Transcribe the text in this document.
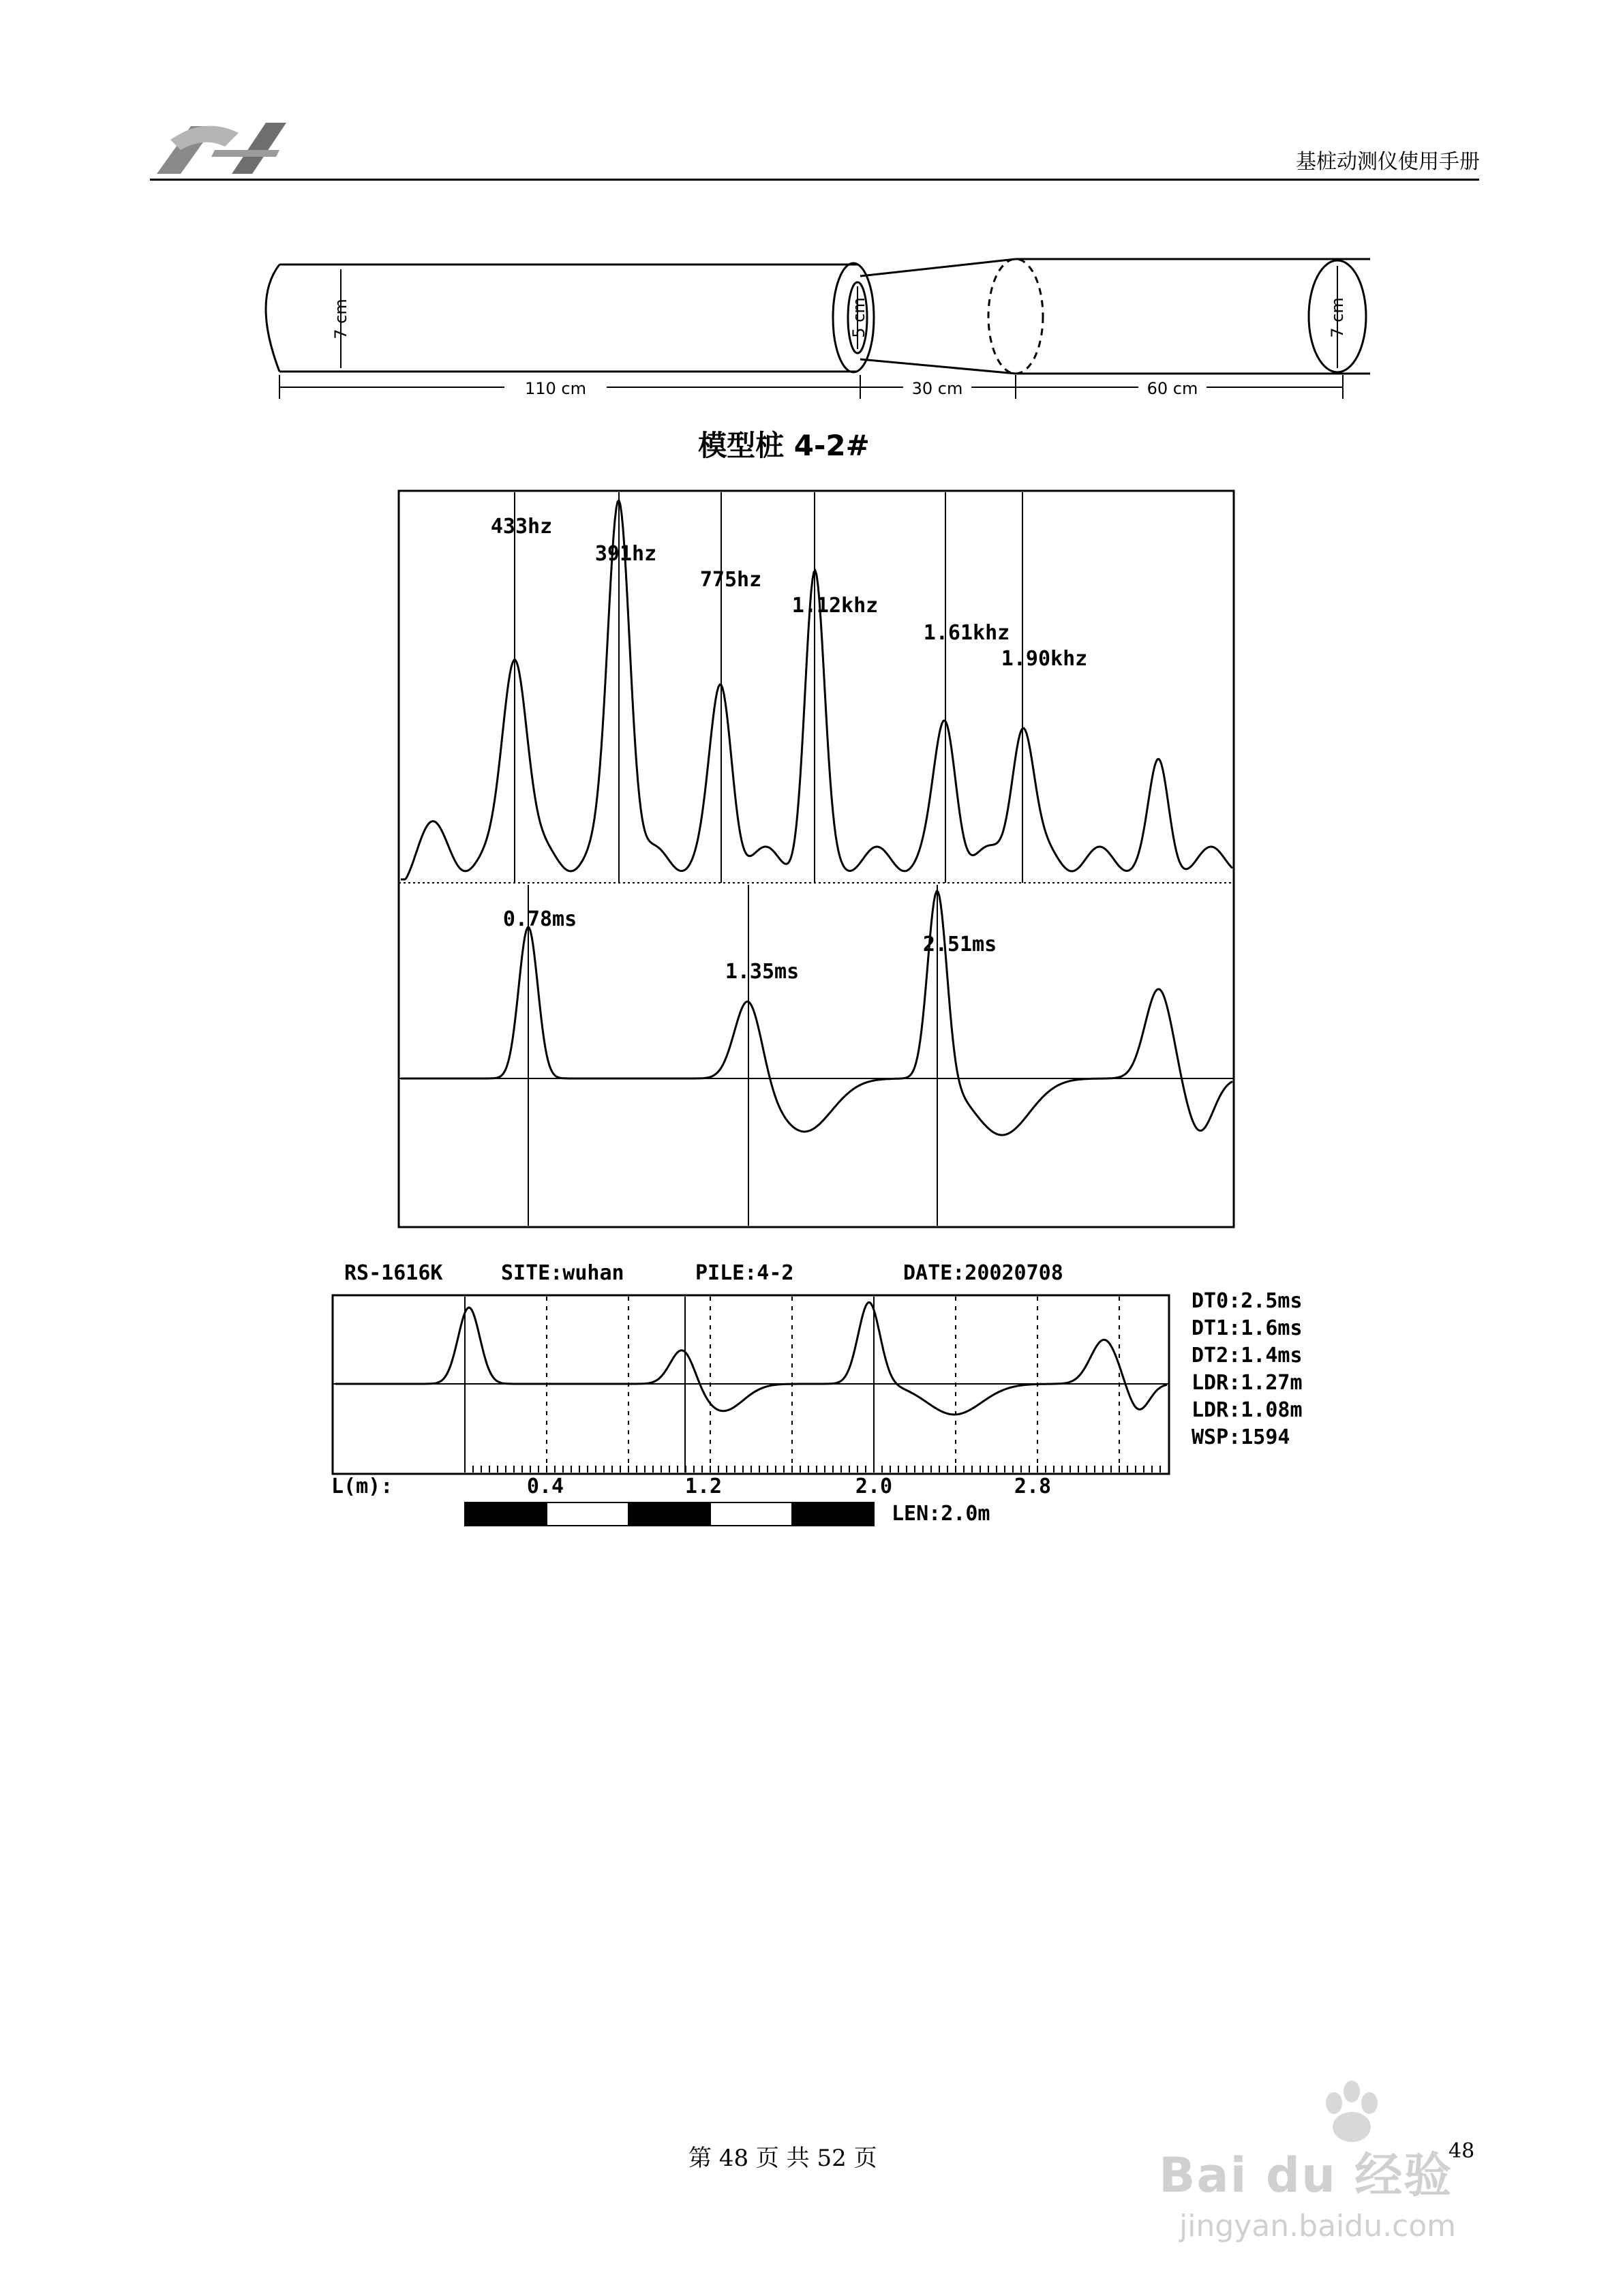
基桩动测仪使用手册
7 cm	5 cm	7 cm
110 cm	30 cm	60 cm
模型桩 4-2#
433hz
391hz
775hz
1.12khz
1.61khz
1.90khz
0.78ms
1.35ms
2.51ms
RS-1616K	SITE:wuhan	PILE:4-2	DATE:20020708
DT0:2.5ms
DT1:1.6ms
DT2:1.4ms
LDR:1.27m
LDR:1.08m
WSP:1594
L(m):	0.4	1.2	2.0	2.8
LEN:2.0m
第 48 页 共 52 页	48
Bai du 经验
jingyan.baidu.com
